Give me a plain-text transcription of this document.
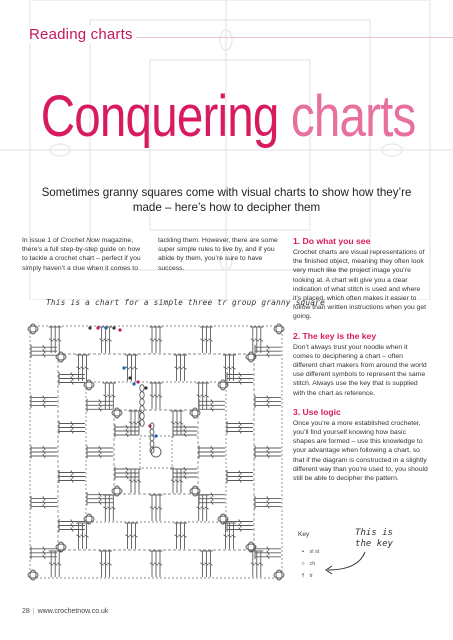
Reading charts
Conquering charts
Sometimes granny squares come with visual charts to show how they’re made – here’s how to decipher them
In issue 1 of Crochet Now magazine, there’s a full step-by-step guide on how to tackle a crochet chart – perfect if you simply haven’t a clue when it comes to
tackling them. However, there are some super simple rules to live by, and if you abide by them, you’re sure to have success.
1. Do what you see

Crochet charts are visual representations of the finished object, meaning they often look very much like the project image you’re looking at. A chart will give you a clear indication of what stitch is used and where it’s placed, which often makes it easier to follow than written instructions when you get going.

2. The key is the key

Don’t always trust your noodle when it comes to deciphering a chart – often different chart makers from around the world use different symbols to represent the same stitch. Always use the key that is supplied with the chart as reference.

3. Use logic

Once you’re a more established crocheter, you’ll find yourself knowing how basic shapes are formed – use this knowledge to your advantage when following a chart, so that if the diagram is constructed in a slightly different way than you’re used to, you should still be able to decipher the pattern.

This is a chart for a simple three tr group granny square
Key
• sl st
○ ch
† tr
This is the key
28 | www.crochetnow.co.uk
